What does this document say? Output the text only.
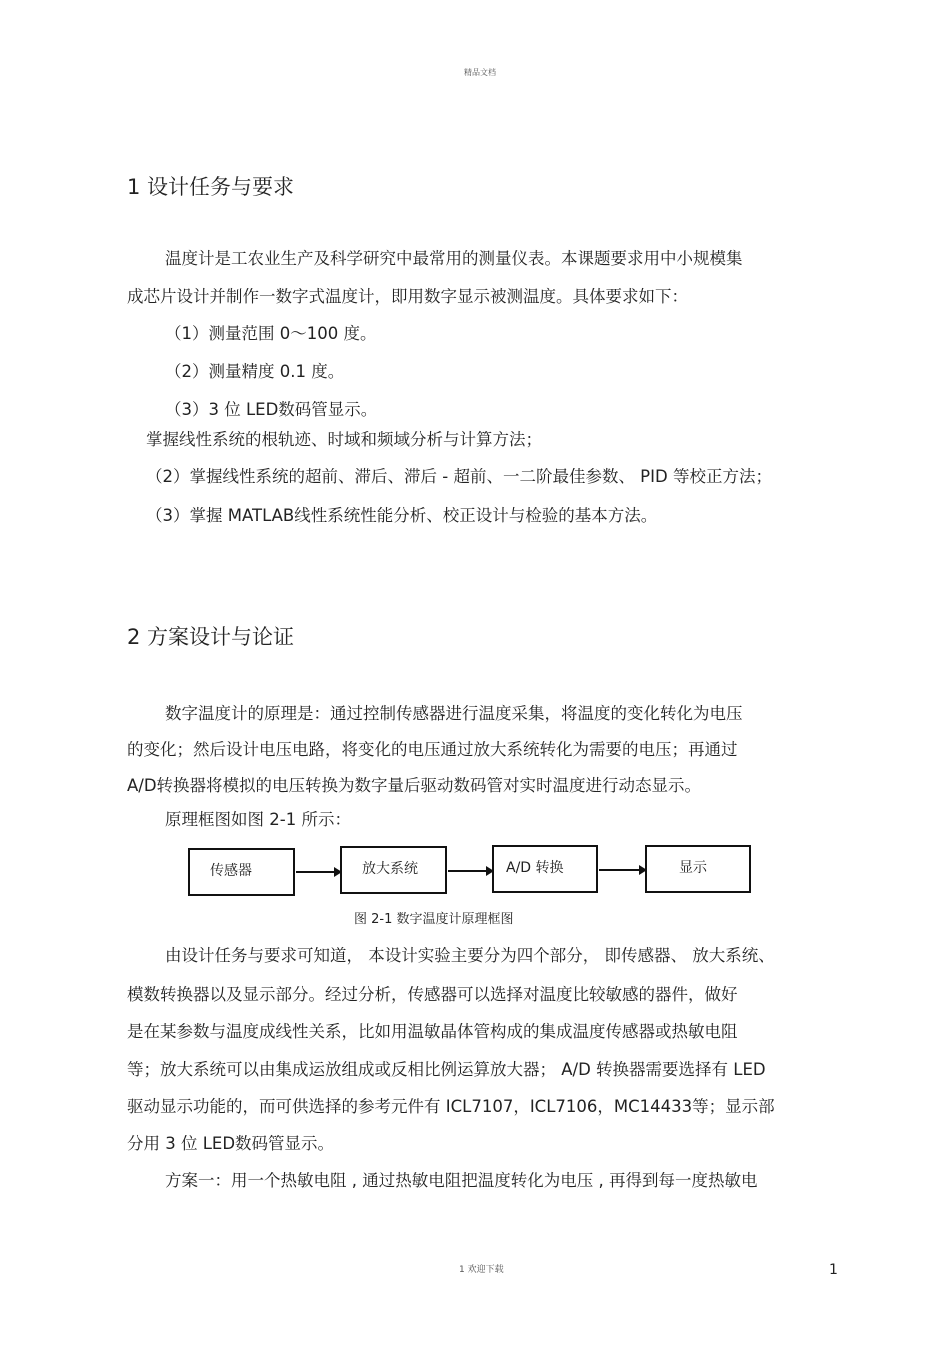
精品文档
1 设计任务与要求
温度计是工农业生产及科学研究中最常用的测量仪表。本课题要求用中小规模集
成芯片设计并制作一数字式温度计，即用数字显示被测温度。具体要求如下：
（1）测量范围 0～100 度。
（2）测量精度 0.1 度。
（3）3 位 LED数码管显示。
掌握线性系统的根轨迹、时域和频域分析与计算方法；
（2）掌握线性系统的超前、滞后、滞后 - 超前、一二阶最佳参数、 PID 等校正方法；
（3）掌握 MATLAB线性系统性能分析、校正设计与检验的基本方法。
2 方案设计与论证
数字温度计的原理是：通过控制传感器进行温度采集，将温度的变化转化为电压
的变化；然后设计电压电路，将变化的电压通过放大系统转化为需要的电压；再通过
A/D转换器将模拟的电压转换为数字量后驱动数码管对实时温度进行动态显示。
原理框图如图 2-1 所示：
传感器	放大系统	A/D 转换	显示
图 2-1 数字温度计原理框图
由设计任务与要求可知道， 本设计实验主要分为四个部分， 即传感器、 放大系统、
模数转换器以及显示部分。经过分析，传感器可以选择对温度比较敏感的器件，做好
是在某参数与温度成线性关系，比如用温敏晶体管构成的集成温度传感器或热敏电阻
等；放大系统可以由集成运放组成或反相比例运算放大器； A/D 转换器需要选择有 LED
驱动显示功能的，而可供选择的参考元件有 ICL7107，ICL7106，MC14433等；显示部
分用 3 位 LED数码管显示。
方案一：用一个热敏电阻 , 通过热敏电阻把温度转化为电压 , 再得到每一度热敏电
1 欢迎下载	1
